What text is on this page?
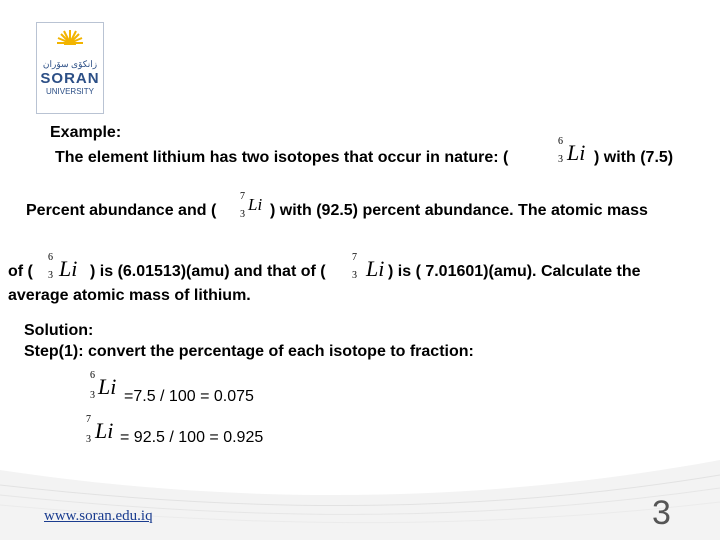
زانكۆی سۆران
SORAN
UNIVERSITY
Example:
The element lithium has two isotopes that occur in nature: (
6
3 Li ) with (7.5)
Percent abundance and (
7
3
Li ) with (92.5) percent abundance. The atomic mass
of (
6
3 Li ) is (6.01513)(amu) and that of (
7
3 Li ) is ( 7.01601)(amu). Calculate the
average atomic mass of lithium.
Solution:
Step(1): convert the percentage of each isotope to fraction:
6
3 Li =7.5 / 100 = 0.075
7
3 Li = 92.5 / 100 = 0.925
www.soran.edu.iq	3
